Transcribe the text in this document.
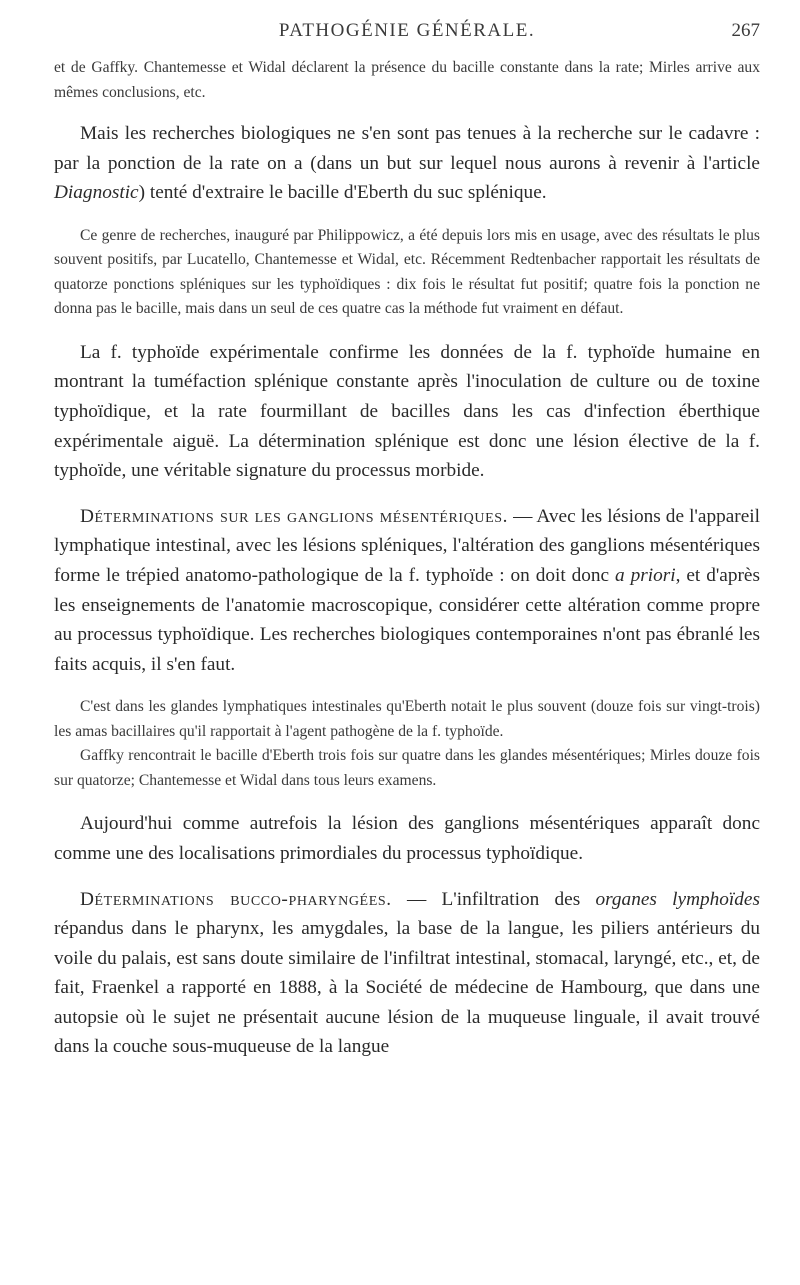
PATHOGÉNIE GÉNÉRALE.	267

et de Gaffky. Chantemesse et Widal déclarent la présence du bacille constante dans la rate; Mirles arrive aux mêmes conclusions, etc.

Mais les recherches biologiques ne s'en sont pas tenues à la recherche sur le cadavre : par la ponction de la rate on a (dans un but sur lequel nous aurons à revenir à l'article Diagnostic) tenté d'extraire le bacille d'Eberth du suc splénique.

Ce genre de recherches, inauguré par Philippowicz, a été depuis lors mis en usage, avec des résultats le plus souvent positifs, par Lucatello, Chantemesse et Widal, etc. Récemment Redtenbacher rapportait les résultats de quatorze ponctions spléniques sur les typhoïdiques : dix fois le résultat fut positif; quatre fois la ponction ne donna pas le bacille, mais dans un seul de ces quatre cas la méthode fut vraiment en défaut.

La f. typhoïde expérimentale confirme les données de la f. typhoïde humaine en montrant la tuméfaction splénique constante après l'inoculation de culture ou de toxine typhoïdique, et la rate fourmillant de bacilles dans les cas d'infection éberthique expérimentale aiguë. La détermination splénique est donc une lésion élective de la f. typhoïde, une véritable signature du processus morbide.

Déterminations sur les ganglions mésentériques. — Avec les lésions de l'appareil lymphatique intestinal, avec les lésions spléniques, l'altération des ganglions mésentériques forme le trépied anatomo-pathologique de la f. typhoïde : on doit donc a priori, et d'après les enseignements de l'anatomie macroscopique, considérer cette altération comme propre au processus typhoïdique. Les recherches biologiques contemporaines n'ont pas ébranlé les faits acquis, il s'en faut.

C'est dans les glandes lymphatiques intestinales qu'Eberth notait le plus souvent (douze fois sur vingt-trois) les amas bacillaires qu'il rapportait à l'agent pathogène de la f. typhoïde.

Gaffky rencontrait le bacille d'Eberth trois fois sur quatre dans les glandes mésentériques; Mirles douze fois sur quatorze; Chantemesse et Widal dans tous leurs examens.

Aujourd'hui comme autrefois la lésion des ganglions mésentériques apparaît donc comme une des localisations primordiales du processus typhoïdique.

Déterminations bucco-pharyngées. — L'infiltration des organes lymphoïdes répandus dans le pharynx, les amygdales, la base de la langue, les piliers antérieurs du voile du palais, est sans doute similaire de l'infiltrat intestinal, stomacal, laryngé, etc., et, de fait, Fraenkel a rapporté en 1888, à la Société de médecine de Hambourg, que dans une autopsie où le sujet ne présentait aucune lésion de la muqueuse linguale, il avait trouvé dans la couche sous-muqueuse de la langue
